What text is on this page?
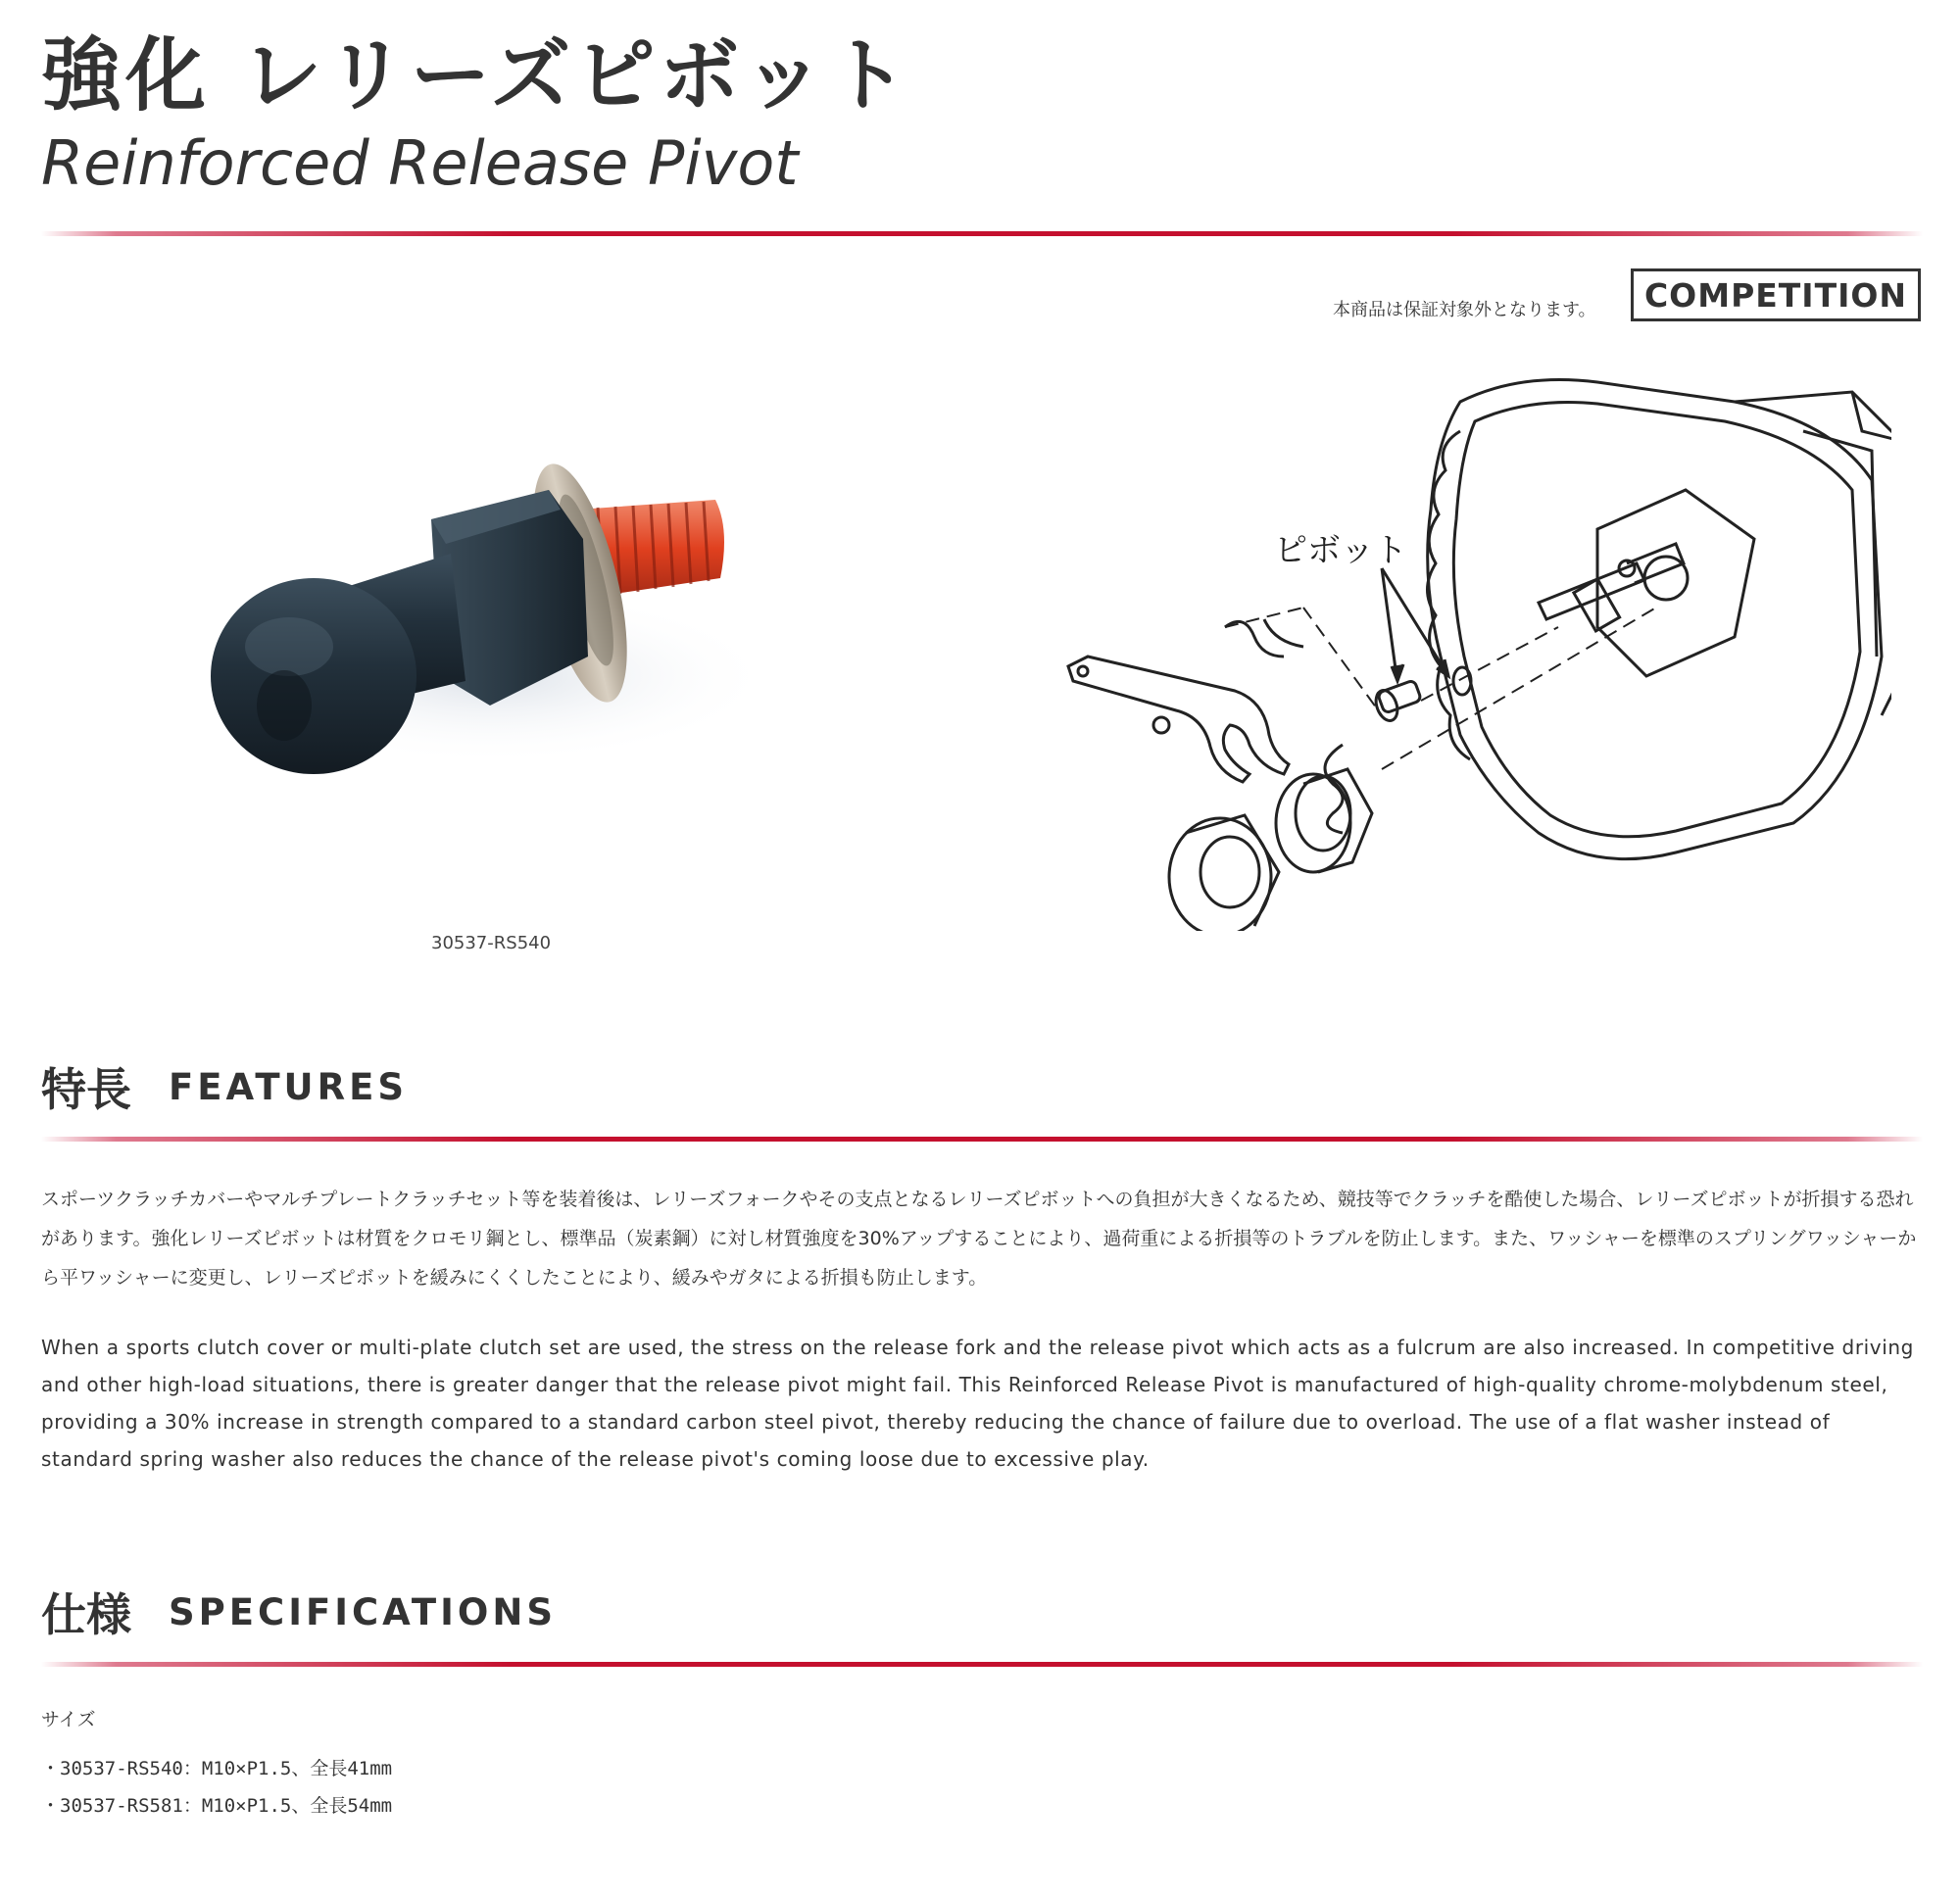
強化 レリーズピボット
Reinforced Release Pivot
本商品は保証対象外となります。	COMPETITION
30537-RS540
ピボット
特長 FEATURES
スポーツクラッチカバーやマルチプレートクラッチセット等を装着後は、レリーズフォークやその支点となるレリーズピボットへの負担が大きくなるため、競技等でクラッチを酷使した場合、レリーズピボットが折損する恐れがあります。強化レリーズピボットは材質をクロモリ鋼とし、標準品（炭素鋼）に対し材質強度を30%アップすることにより、過荷重による折損等のトラブルを防止します。また、ワッシャーを標準のスプリングワッシャーから平ワッシャーに変更し、レリーズピボットを緩みにくくしたことにより、緩みやガタによる折損も防止します。
When a sports clutch cover or multi-plate clutch set are used, the stress on the release fork and the release pivot which acts as a fulcrum are also increased. In competitive driving and other high-load situations, there is greater danger that the release pivot might fail. This Reinforced Release Pivot is manufactured of high-quality chrome-molybdenum steel, providing a 30% increase in strength compared to a standard carbon steel pivot, thereby reducing the chance of failure due to overload. The use of a flat washer instead of standard spring washer also reduces the chance of the release pivot's coming loose due to excessive play.
仕様 SPECIFICATIONS
サイズ
・30537-RS540：M10×P1.5、全長41mm
・30537-RS581：M10×P1.5、全長54mm
